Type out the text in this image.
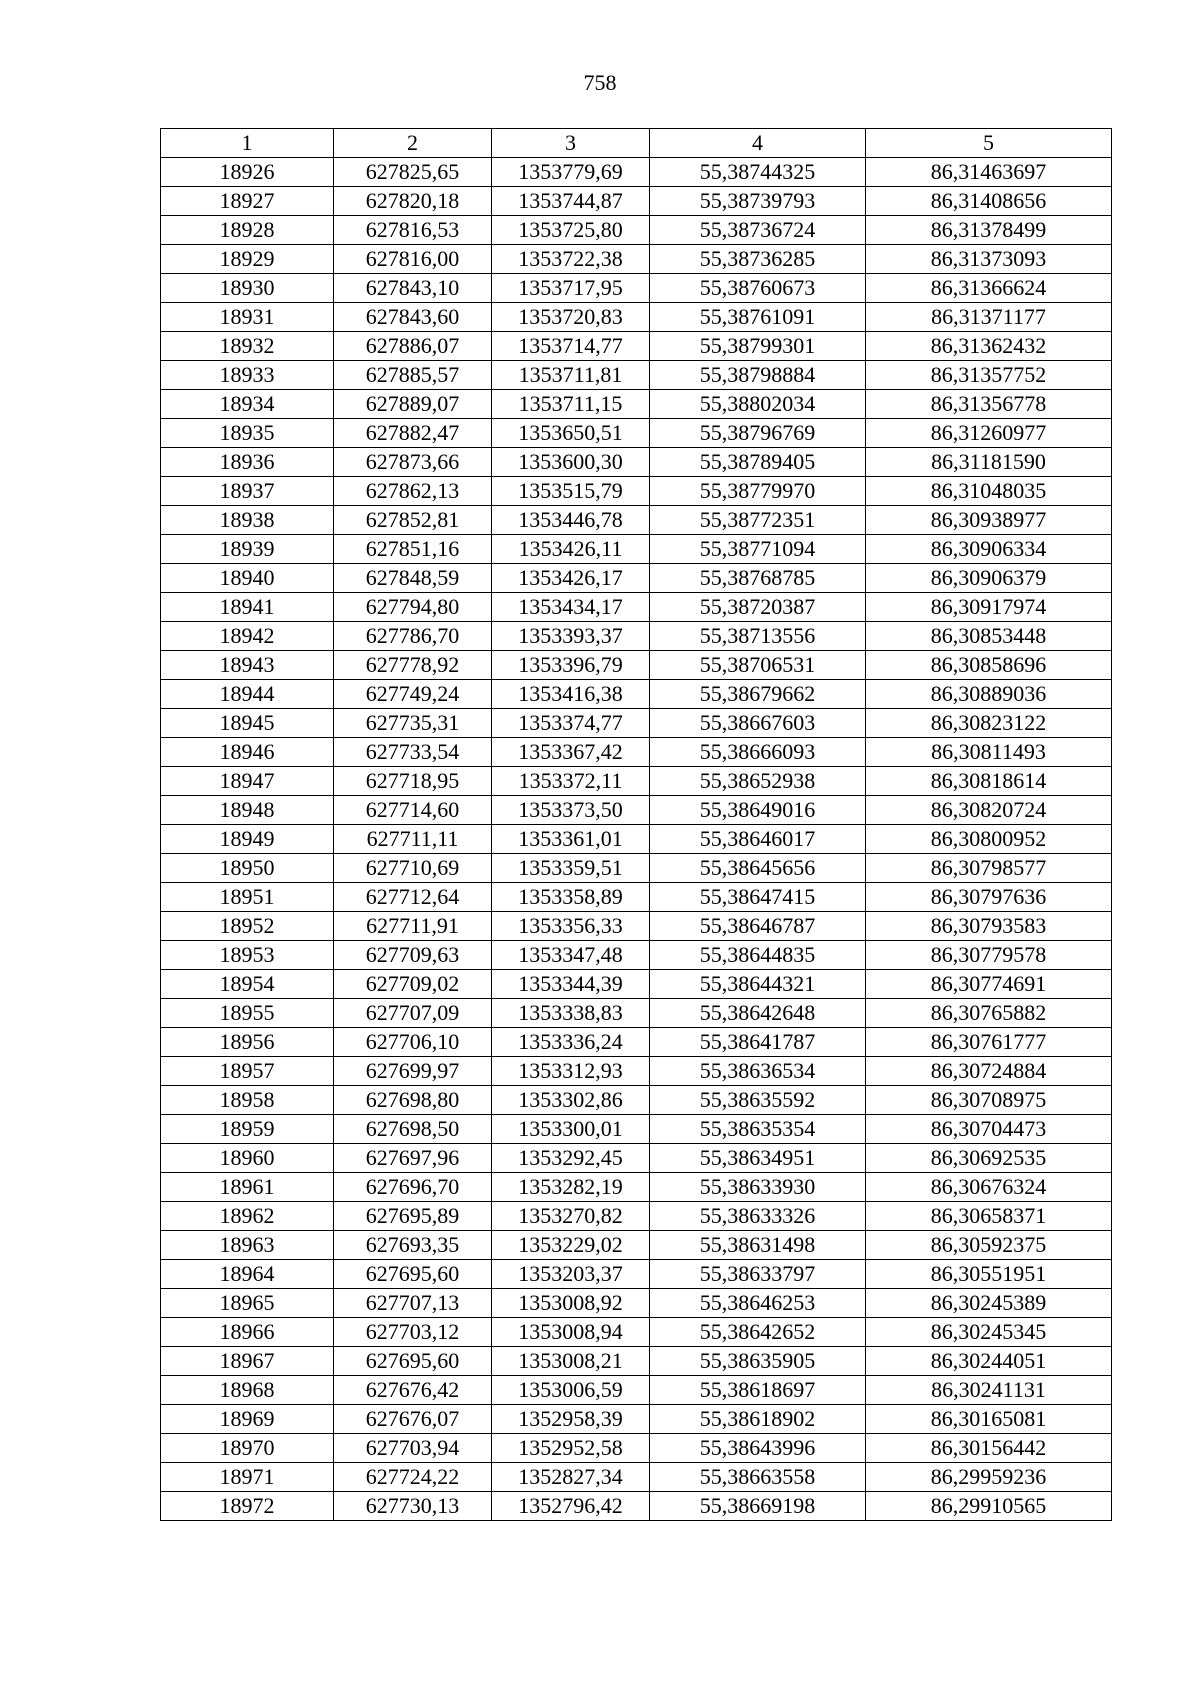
758
1	2	3	4	5
18926	627825,65	1353779,69	55,38744325	86,31463697
18927	627820,18	1353744,87	55,38739793	86,31408656
18928	627816,53	1353725,80	55,38736724	86,31378499
18929	627816,00	1353722,38	55,38736285	86,31373093
18930	627843,10	1353717,95	55,38760673	86,31366624
18931	627843,60	1353720,83	55,38761091	86,31371177
18932	627886,07	1353714,77	55,38799301	86,31362432
18933	627885,57	1353711,81	55,38798884	86,31357752
18934	627889,07	1353711,15	55,38802034	86,31356778
18935	627882,47	1353650,51	55,38796769	86,31260977
18936	627873,66	1353600,30	55,38789405	86,31181590
18937	627862,13	1353515,79	55,38779970	86,31048035
18938	627852,81	1353446,78	55,38772351	86,30938977
18939	627851,16	1353426,11	55,38771094	86,30906334
18940	627848,59	1353426,17	55,38768785	86,30906379
18941	627794,80	1353434,17	55,38720387	86,30917974
18942	627786,70	1353393,37	55,38713556	86,30853448
18943	627778,92	1353396,79	55,38706531	86,30858696
18944	627749,24	1353416,38	55,38679662	86,30889036
18945	627735,31	1353374,77	55,38667603	86,30823122
18946	627733,54	1353367,42	55,38666093	86,30811493
18947	627718,95	1353372,11	55,38652938	86,30818614
18948	627714,60	1353373,50	55,38649016	86,30820724
18949	627711,11	1353361,01	55,38646017	86,30800952
18950	627710,69	1353359,51	55,38645656	86,30798577
18951	627712,64	1353358,89	55,38647415	86,30797636
18952	627711,91	1353356,33	55,38646787	86,30793583
18953	627709,63	1353347,48	55,38644835	86,30779578
18954	627709,02	1353344,39	55,38644321	86,30774691
18955	627707,09	1353338,83	55,38642648	86,30765882
18956	627706,10	1353336,24	55,38641787	86,30761777
18957	627699,97	1353312,93	55,38636534	86,30724884
18958	627698,80	1353302,86	55,38635592	86,30708975
18959	627698,50	1353300,01	55,38635354	86,30704473
18960	627697,96	1353292,45	55,38634951	86,30692535
18961	627696,70	1353282,19	55,38633930	86,30676324
18962	627695,89	1353270,82	55,38633326	86,30658371
18963	627693,35	1353229,02	55,38631498	86,30592375
18964	627695,60	1353203,37	55,38633797	86,30551951
18965	627707,13	1353008,92	55,38646253	86,30245389
18966	627703,12	1353008,94	55,38642652	86,30245345
18967	627695,60	1353008,21	55,38635905	86,30244051
18968	627676,42	1353006,59	55,38618697	86,30241131
18969	627676,07	1352958,39	55,38618902	86,30165081
18970	627703,94	1352952,58	55,38643996	86,30156442
18971	627724,22	1352827,34	55,38663558	86,29959236
18972	627730,13	1352796,42	55,38669198	86,29910565
